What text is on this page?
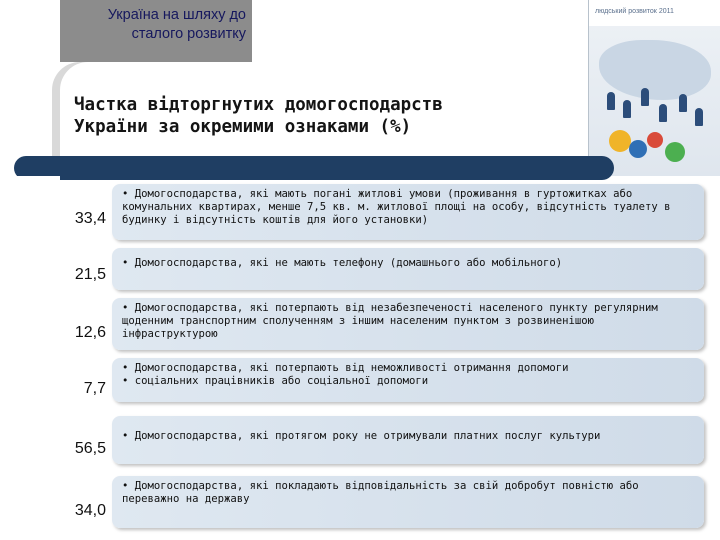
Україна на шляху до
сталого розвитку
Частка відторгнутих домогосподарств
України за окремими ознаками (%)
людський розвиток 2011
33,4
• Домогосподарства, які мають погані житлові умови (проживання в гуртожитках або комунальних квартирах, менше 7,5 кв. м. житлової площі на особу, відсутність туалету в будинку і відсутність коштів для його установки)
21,5
• Домогосподарства, які не мають телефону (домашнього або мобільного)
12,6
• Домогосподарства, які потерпають від незабезпеченості населеного пункту регулярним щоденним транспортним сполученням з іншим населеним пунктом з розвиненішою інфраструктурою
7,7
• Домогосподарства, які потерпають від неможливості отримання допомоги
• соціальних працівників або соціальної допомоги
56,5
• Домогосподарства, які протягом року не отримували платних послуг культури
34,0
• Домогосподарства, які покладають відповідальність за свій добробут повністю або переважно на державу
